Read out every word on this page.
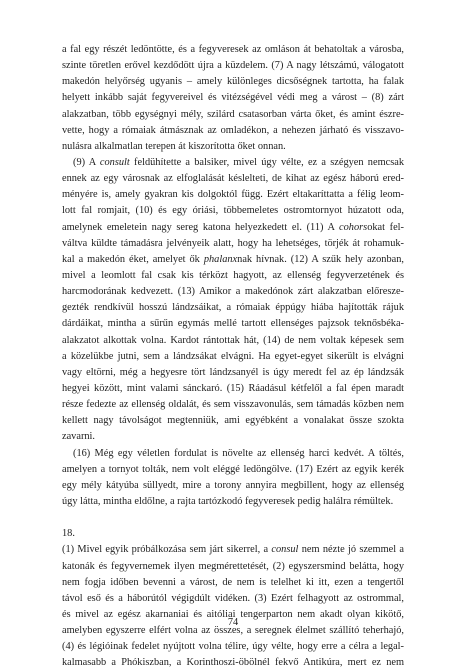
a fal egy részét ledöntötte, és a fegyveresek az omláson át behatoltak a városba,
szinte töretlen erővel kezdődött újra a küzdelem. (7) A nagy létszámú, válogatott
makedón helyőrség ugyanis – amely különleges dicsőségnek tartotta, ha falak
helyett inkább saját fegyvereivel és vitézségével védi meg a várost – (8) zárt
alakzatban, több egységnyi mély, szilárd csatasorban várta őket, és amint észre-
vette, hogy a rómaiak átmásznak az omladékon, a nehezen járható és visszavo-
nulásra alkalmatlan terepen át kiszorította őket onnan.
(9) A consult feldühítette a balsiker, mivel úgy vélte, ez a szégyen nemcsak
ennek az egy városnak az elfoglalását késlelteti, de kihat az egész háború ered-
ményére is, amely gyakran kis dolgoktól függ. Ezért eltakaríttatta a félig leom-
lott fal romjait, (10) és egy óriási, többemeletes ostromtornyot húzatott oda,
amelynek emeletein nagy sereg katona helyezkedett el. (11) A cohorsokat fel-
váltva küldte támadásra jelvényeik alatt, hogy ha lehetséges, törjék át rohamuk-
kal a makedón éket, amelyet ők phalanxnak hívnak. (12) A szűk hely azonban,
mivel a leomlott fal csak kis térközt hagyott, az ellenség fegyverzetének és
harcmodorának kedvezett. (13) Amikor a makedónok zárt alakzatban előresze-
gezték rendkívül hosszú lándzsáikat, a rómaiak éppúgy hiába hajították rájuk
dárdáikat, mintha a sűrűn egymás mellé tartott ellenséges pajzsok teknősbéka-
alakzatot alkottak volna. Kardot rántottak hát, (14) de nem voltak képesek sem
a közelükbe jutni, sem a lándzsákat elvágni. Ha egyet-egyet sikerült is elvágni
vagy eltörni, még a hegyesre tört lándzsanyél is úgy meredt fel az ép lándzsák
hegyei között, mint valami sánckaró. (15) Ráadásul kétfelől a fal épen maradt
része fedezte az ellenség oldalát, és sem visszavonulás, sem támadás közben nem
kellett nagy távolságot megtenniük, ami egyébként a vonalakat össze szokta
zavarni.
(16) Még egy véletlen fordulat is növelte az ellenség harci kedvét. A töltés,
amelyen a tornyot tolták, nem volt eléggé ledöngölve. (17) Ezért az egyik kerék
egy mély kátyúba süllyedt, mire a torony annyira megbillent, hogy az ellenség
úgy látta, mintha eldőlne, a rajta tartózkodó fegyveresek pedig halálra rémültek.
18.
(1) Mivel egyik próbálkozása sem járt sikerrel, a consul nem nézte jó szemmel a
katonák és fegyvernemek ilyen megmérettetését, (2) egyszersmind belátta, hogy
nem fogja időben bevenni a várost, de nem is telelhet ki itt, ezen a tengertől
távol eső és a háborútól végigdúlt vidéken. (3) Ezért felhagyott az ostrommal,
és mivel az egész akarnaniai és aitóliai tengerparton nem akadt olyan kikötő,
amelyben egyszerre elfért volna az összes, a seregnek élelmet szállító teherhajó,
(4) és légióinak fedelet nyújtott volna télire, úgy vélte, hogy erre a célra a legal-
kalmasabb a Phókiszban, a Korinthoszi-öbölnél fekvő Antikúra, mert ez nem
74
